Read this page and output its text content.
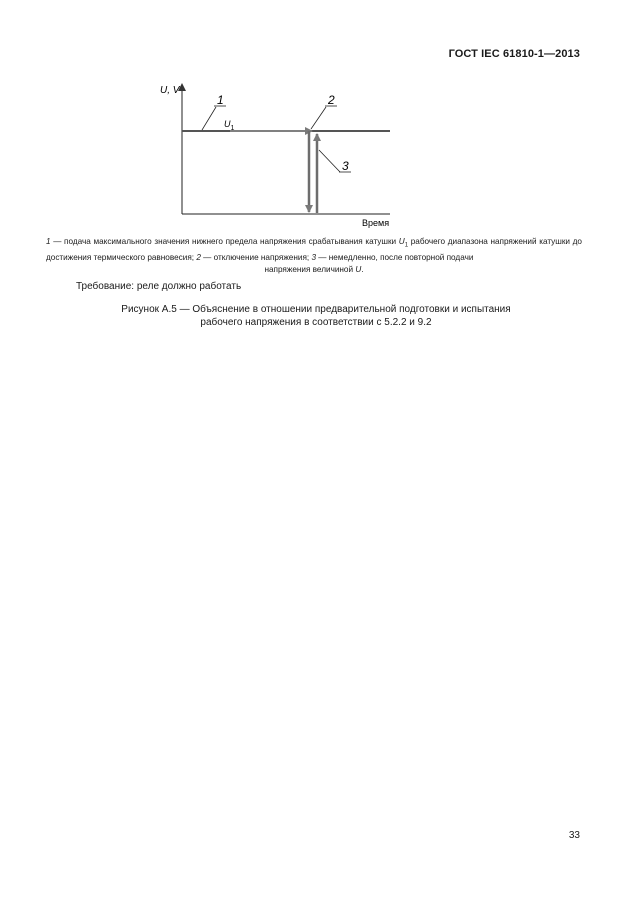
ГОСТ IEC 61810-1—2013
U, V
Время
$U_1$
1	2
3
1 — подача максимального значения нижнего предела напряжения срабатывания катушки $U_1$ рабочего диапазона напряжений катушки до достижения термического равновесия; 2 — отключение напряжения; 3 — немедленно, после повторной подачи
напряжения величиной U.
Требование: реле должно работать
Рисунок А.5 — Объяснение в отношении предварительной подготовки и испытания
рабочего напряжения в соответствии с 5.2.2 и 9.2
33
